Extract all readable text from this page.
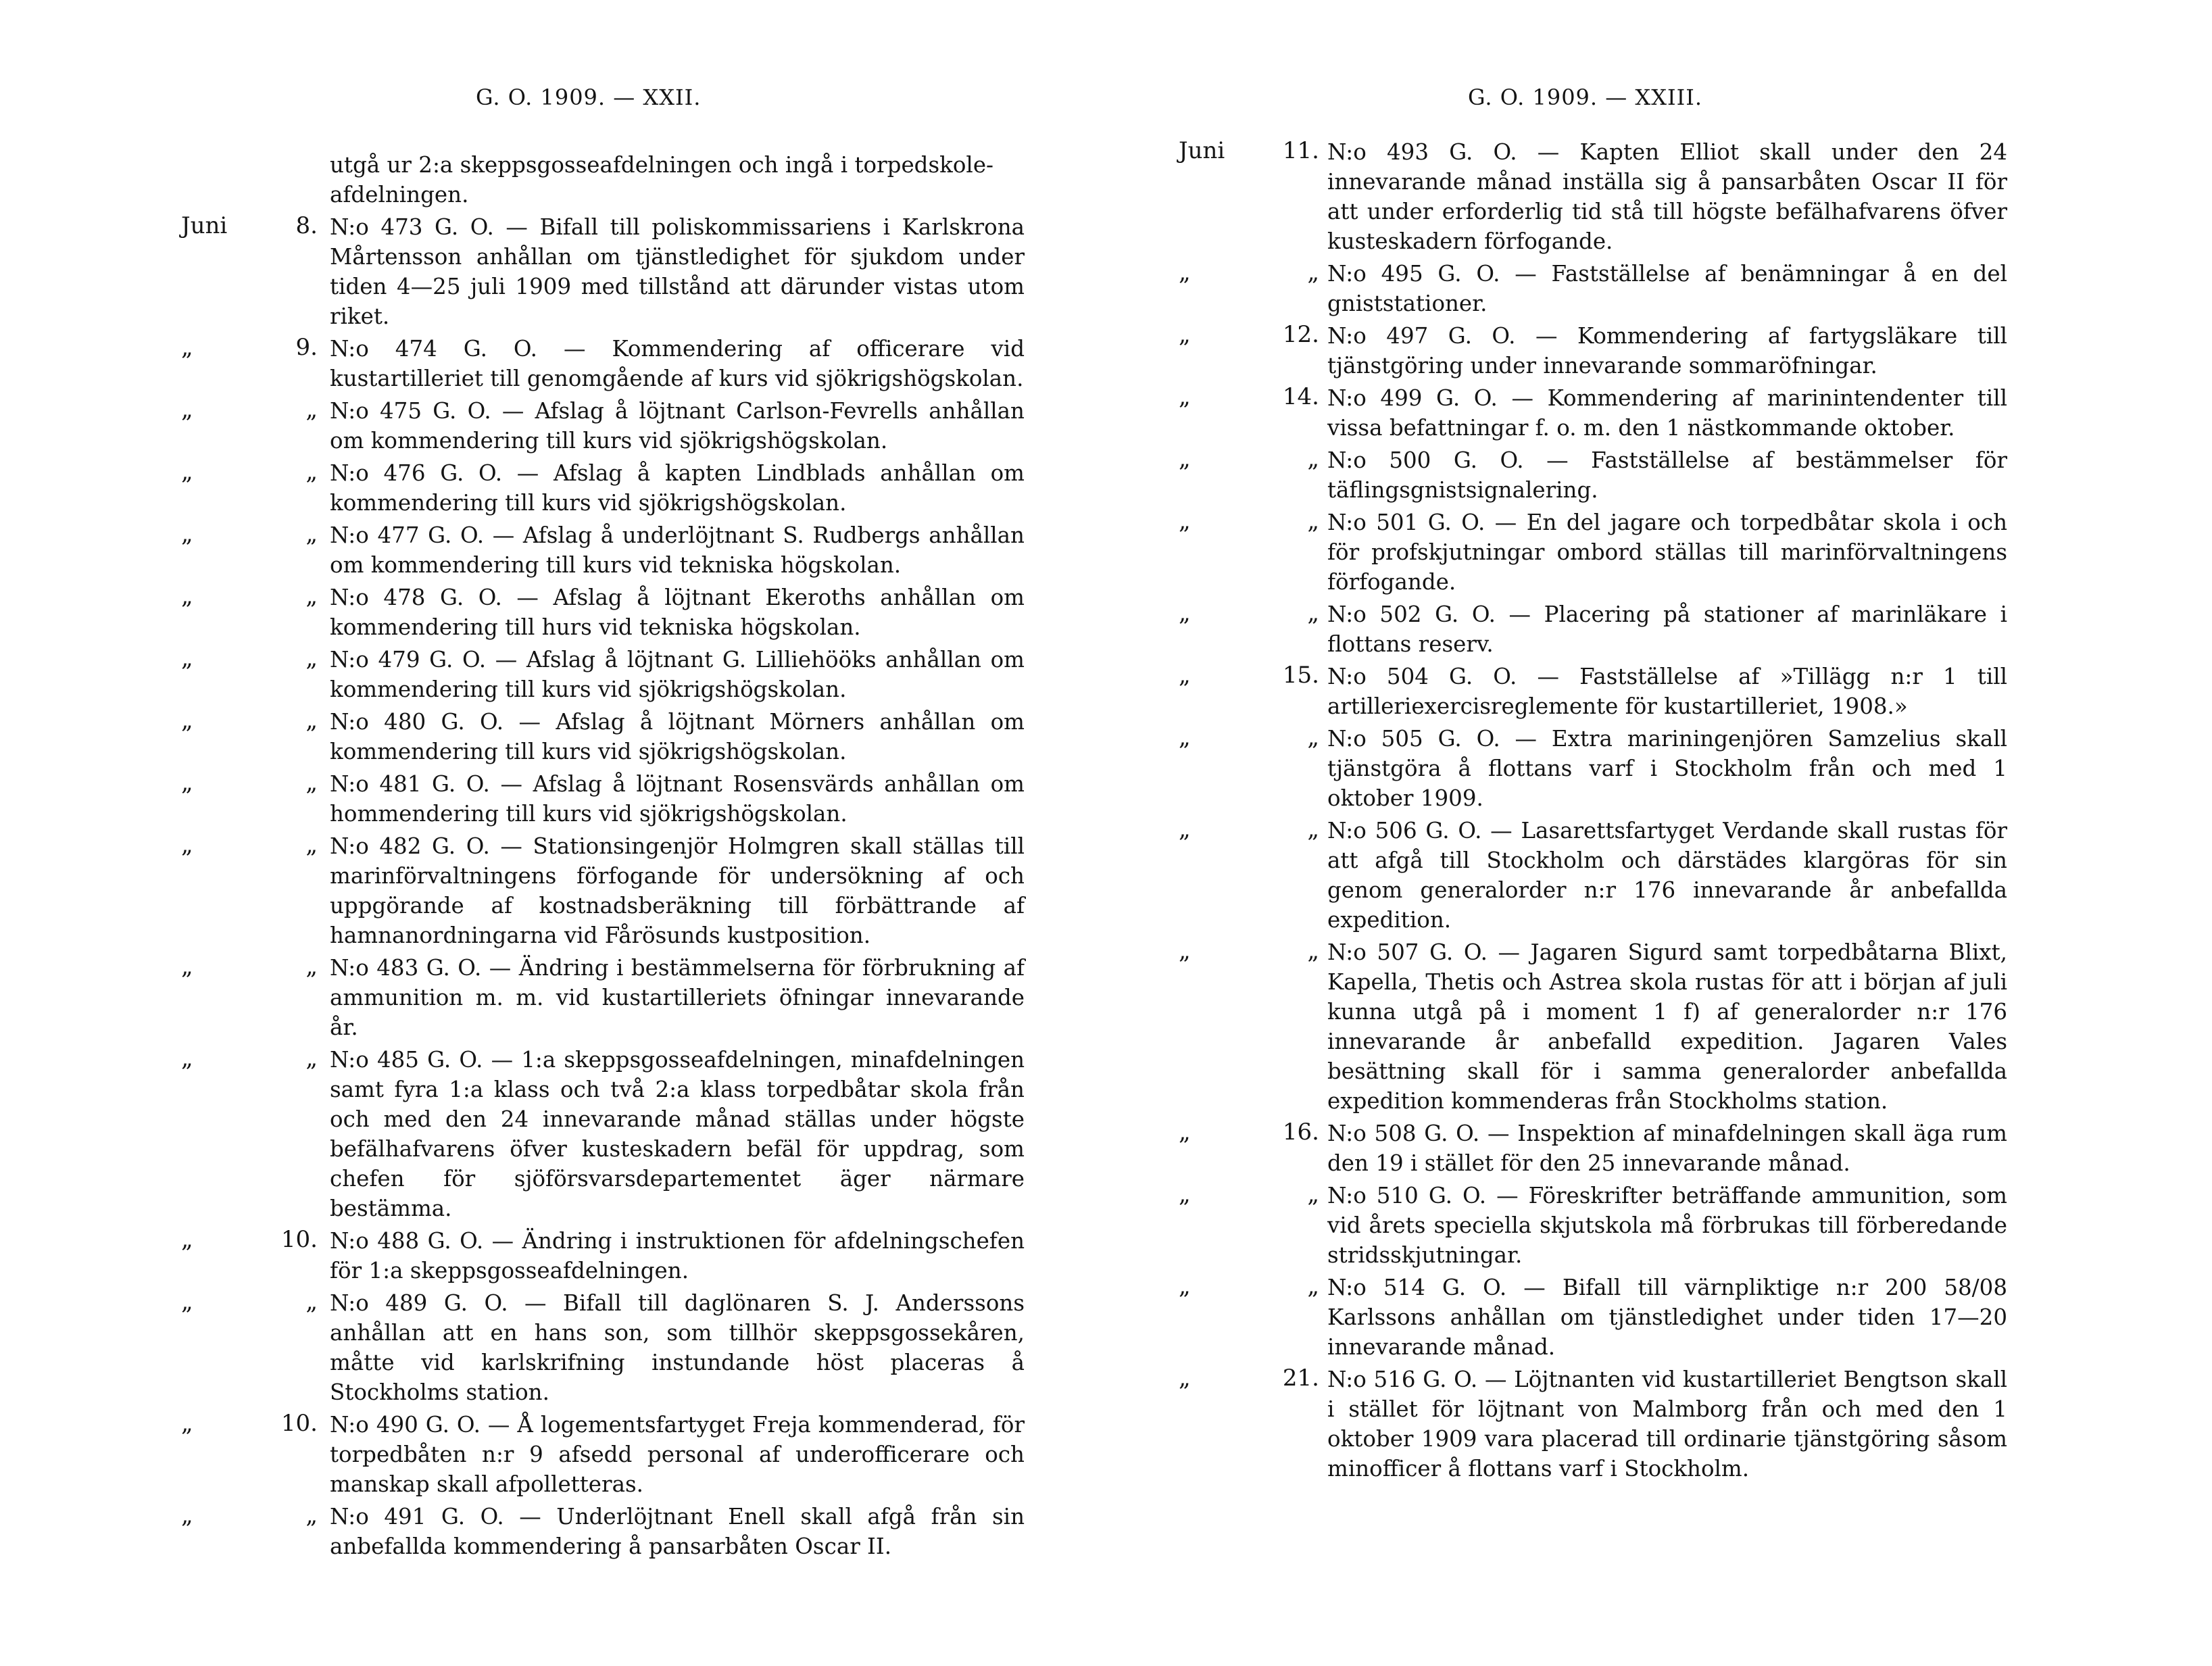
G. O. 1909. — XXII.
utgå ur 2:a skeppsgosseafdelningen och ingå i torpedskole-afdelningen.
Juni	8. N:o 473 G. O. — Bifall till poliskommissariens i Karlskrona Mårtensson anhållan om tjänstledighet för sjukdom under tiden 4—25 juli 1909 med tillstånd att därunder vistas utom riket.
„	9. N:o 474 G. O. — Kommendering af officerare vid kustartilleriet till genomgående af kurs vid sjökrigshögskolan.
„	„ N:o 475 G. O. — Afslag å löjtnant Carlson-Fevrells anhållan om kommendering till kurs vid sjökrigshögskolan.
„	„ N:o 476 G. O. — Afslag å kapten Lindblads anhållan om kommendering till kurs vid sjökrigshögskolan.
„	„ N:o 477 G. O. — Afslag å underlöjtnant S. Rudbergs anhållan om kommendering till kurs vid tekniska högskolan.
„	„ N:o 478 G. O. — Afslag å löjtnant Ekeroths anhållan om kommendering till hurs vid tekniska högskolan.
„	„ N:o 479 G. O. — Afslag å löjtnant G. Lilliehööks anhållan om kommendering till kurs vid sjökrigshögskolan.
„	„ N:o 480 G. O. — Afslag å löjtnant Mörners anhållan om kommendering till kurs vid sjökrigshögskolan.
„	„ N:o 481 G. O. — Afslag å löjtnant Rosensvärds anhållan om hommendering till kurs vid sjökrigshögskolan.
„	„ N:o 482 G. O. — Stationsingenjör Holmgren skall ställas till marinförvaltningens förfogande för undersökning af och uppgörande af kostnadsberäkning till förbättrande af hamnanordningarna vid Fårösunds kustposition.
„	„ N:o 483 G. O. — Ändring i bestämmelserna för förbrukning af ammunition m. m. vid kustartilleriets öfningar innevarande år.
„	„ N:o 485 G. O. — 1:a skeppsgosseafdelningen, minafdelningen samt fyra 1:a klass och två 2:a klass torpedbåtar skola från och med den 24 innevarande månad ställas under högste befälhafvarens öfver kusteskadern befäl för uppdrag, som chefen för sjöförsvarsdepartementet äger närmare bestämma.
„	10. N:o 488 G. O. — Ändring i instruktionen för afdelningschefen för 1:a skeppsgosseafdelningen.
„	„ N:o 489 G. O. — Bifall till daglönaren S. J. Anderssons anhållan att en hans son, som tillhör skeppsgossekåren, måtte vid karlskrifning instundande höst placeras å Stockholms station.
„	10. N:o 490 G. O. — Å logementsfartyget Freja kommenderad, för torpedbåten n:r 9 afsedd personal af underofficerare och manskap skall afpolletteras.
„	„ N:o 491 G. O. — Underlöjtnant Enell skall afgå från sin anbefallda kommendering å pansarbåten Oscar II.
G. O. 1909. — XXIII.
Juni	11. N:o 493 G. O. — Kapten Elliot skall under den 24 innevarande månad inställa sig å pansarbåten Oscar II för att under erforderlig tid stå till högste befälhafvarens öfver kusteskadern förfogande.
„	„ N:o 495 G. O. — Fastställelse af benämningar å en del gniststationer.
„	12. N:o 497 G. O. — Kommendering af fartygsläkare till tjänstgöring under innevarande sommaröfningar.
„	14. N:o 499 G. O. — Kommendering af marinintendenter till vissa befattningar f. o. m. den 1 nästkommande oktober.
„	„ N:o 500 G. O. — Fastställelse af bestämmelser för täflingsgnistsignalering.
„	„ N:o 501 G. O. — En del jagare och torpedbåtar skola i och för profskjutningar ombord ställas till marinförvaltningens förfogande.
„	„ N:o 502 G. O. — Placering på stationer af marinläkare i flottans reserv.
„	15. N:o 504 G. O. — Fastställelse af »Tillägg n:r 1 till artilleriexercisreglemente för kustartilleriet, 1908.»
„	„ N:o 505 G. O. — Extra mariningenjören Samzelius skall tjänstgöra å flottans varf i Stockholm från och med 1 oktober 1909.
„	„ N:o 506 G. O. — Lasarettsfartyget Verdande skall rustas för att afgå till Stockholm och därstädes klargöras för sin genom generalorder n:r 176 innevarande år anbefallda expedition.
„	„ N:o 507 G. O. — Jagaren Sigurd samt torpedbåtarna Blixt, Kapella, Thetis och Astrea skola rustas för att i början af juli kunna utgå på i moment 1 f) af generalorder n:r 176 innevarande år anbefalld expedition. Jagaren Vales besättning skall för i samma generalorder anbefallda expedition kommenderas från Stockholms station.
„	16. N:o 508 G. O. — Inspektion af minafdelningen skall äga rum den 19 i stället för den 25 innevarande månad.
„	„ N:o 510 G. O. — Föreskrifter beträffande ammunition, som vid årets speciella skjutskola må förbrukas till förberedande stridsskjutningar.
„	„ N:o 514 G. O. — Bifall till värnpliktige n:r 200 58/08 Karlssons anhållan om tjänstledighet under tiden 17—20 innevarande månad.
„	21. N:o 516 G. O. — Löjtnanten vid kustartilleriet Bengtson skall i stället för löjtnant von Malmborg från och med den 1 oktober 1909 vara placerad till ordinarie tjänstgöring såsom minofficer å flottans varf i Stockholm.
